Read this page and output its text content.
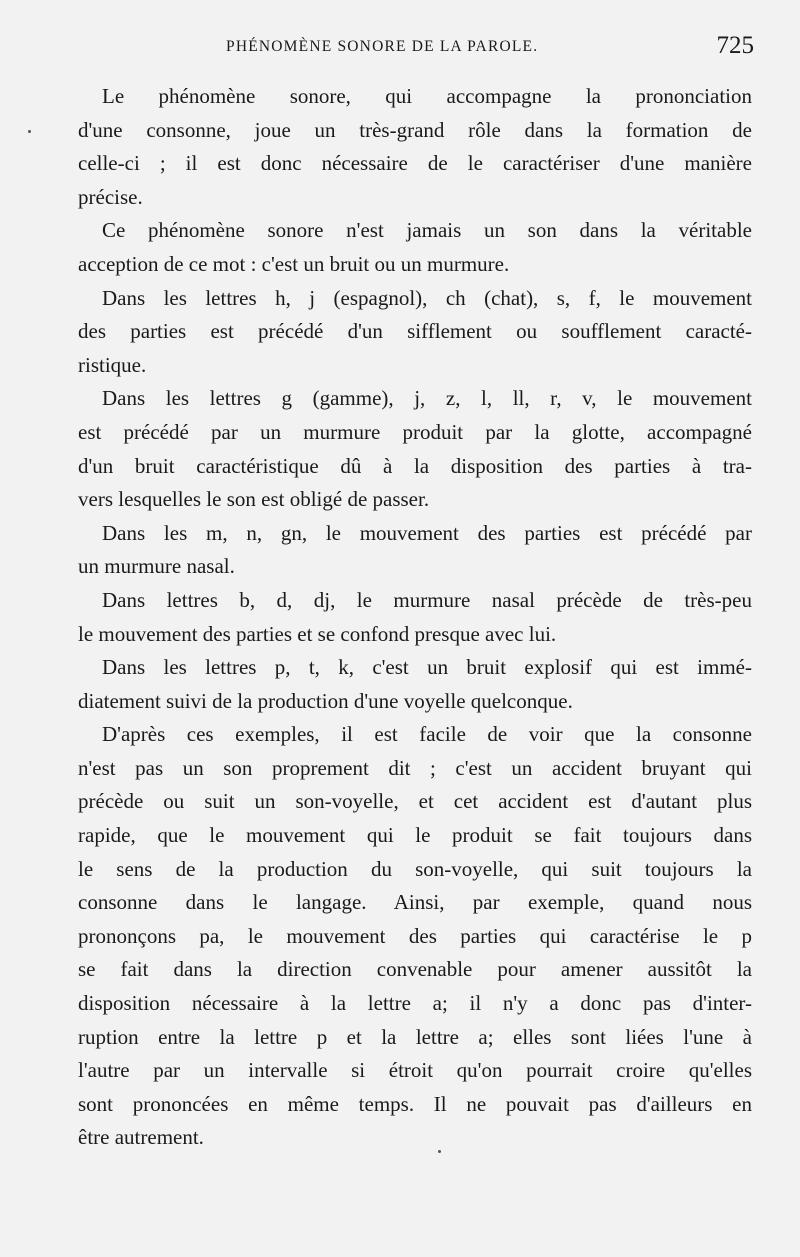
PHÉNOMÈNE SONORE DE LA PAROLE.	725

Le phénomène sonore, qui accompagne la prononciation
d'une consonne, joue un très-grand rôle dans la formation de
celle-ci ; il est donc nécessaire de le caractériser d'une manière
précise.

Ce phénomène sonore n'est jamais un son dans la véritable
acception de ce mot : c'est un bruit ou un murmure.

Dans les lettres h, j (espagnol), ch (chat), s, f, le mouvement
des parties est précédé d'un sifflement ou soufflement caracté-
ristique.

Dans les lettres g (gamme), j, z, l, ll, r, v, le mouvement
est précédé par un murmure produit par la glotte, accompagné
d'un bruit caractéristique dû à la disposition des parties à tra-
vers lesquelles le son est obligé de passer.

Dans les m, n, gn, le mouvement des parties est précédé par
un murmure nasal.

Dans lettres b, d, dj, le murmure nasal précède de très-peu
le mouvement des parties et se confond presque avec lui.

Dans les lettres p, t, k, c'est un bruit explosif qui est immé-
diatement suivi de la production d'une voyelle quelconque.

D'après ces exemples, il est facile de voir que la consonne
n'est pas un son proprement dit ; c'est un accident bruyant qui
précède ou suit un son-voyelle, et cet accident est d'autant plus
rapide, que le mouvement qui le produit se fait toujours dans
le sens de la production du son-voyelle, qui suit toujours la
consonne dans le langage. Ainsi, par exemple, quand nous
prononçons pa, le mouvement des parties qui caractérise le p
se fait dans la direction convenable pour amener aussitôt la
disposition nécessaire à la lettre a; il n'y a donc pas d'inter-
ruption entre la lettre p et la lettre a; elles sont liées l'une à
l'autre par un intervalle si étroit qu'on pourrait croire qu'elles
sont prononcées en même temps. Il ne pouvait pas d'ailleurs en
être autrement.
